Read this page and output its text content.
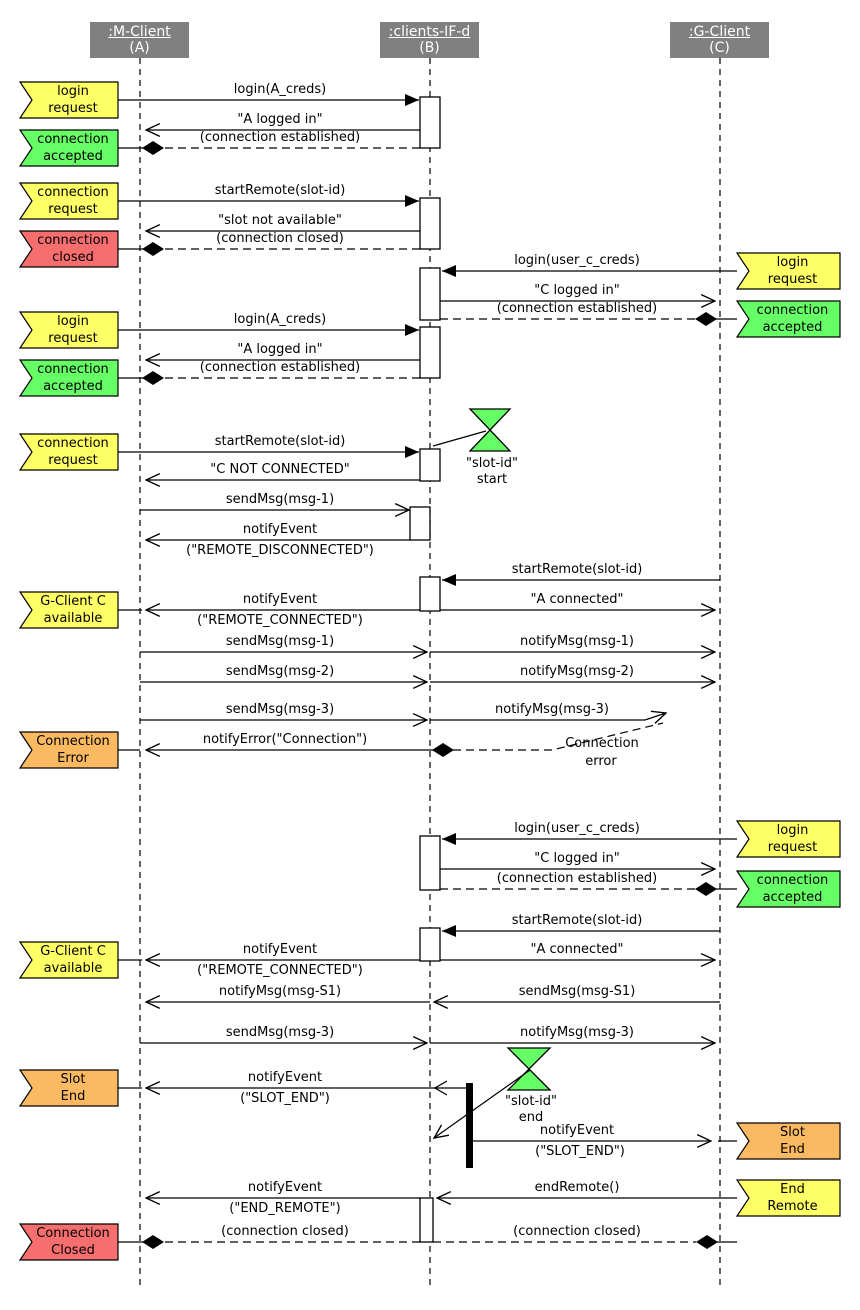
:M-Client
(A)
:clients-IF-d
(B)
:G-Client
(C)
login(A_creds)
"A logged in"
(connection established)
startRemote(slot-id)
"slot not available"
(connection closed)
login(user_c_creds)
"C logged in"
(connection established)
login(A_creds)
"A logged in"
(connection established)
startRemote(slot-id)
"C NOT CONNECTED"
sendMsg(msg-1)
notifyEvent
("REMOTE_DISCONNECTED")
startRemote(slot-id)
notifyEvent
("REMOTE_CONNECTED")
"A connected"
sendMsg(msg-1)	notifyMsg(msg-1)
sendMsg(msg-2)	notifyMsg(msg-2)
sendMsg(msg-3)	notifyMsg(msg-3)
notifyError("Connection")
login(user_c_creds)
"C logged in"
(connection established)
startRemote(slot-id)
notifyEvent
("REMOTE_CONNECTED")
"A connected"
notifyMsg(msg-S1)	sendMsg(msg-S1)
sendMsg(msg-3)	notifyMsg(msg-3)
notifyEvent
("SLOT_END")
notifyEvent
("SLOT_END")
endRemote()
notifyEvent
("END_REMOTE")
(connection closed)	(connection closed)
"slot-id"
start
Connection
error
"slot-id"
end
login
request
connection
accepted
connection
request
connection
closed	login
request
connection
accepted
login
request
connection
accepted
connection
request
G-Client C
available
Connection
Error
login
request
connection
accepted
G-Client C
available
Slot
End
Slot
End
End
Remote
Connection
Closed
